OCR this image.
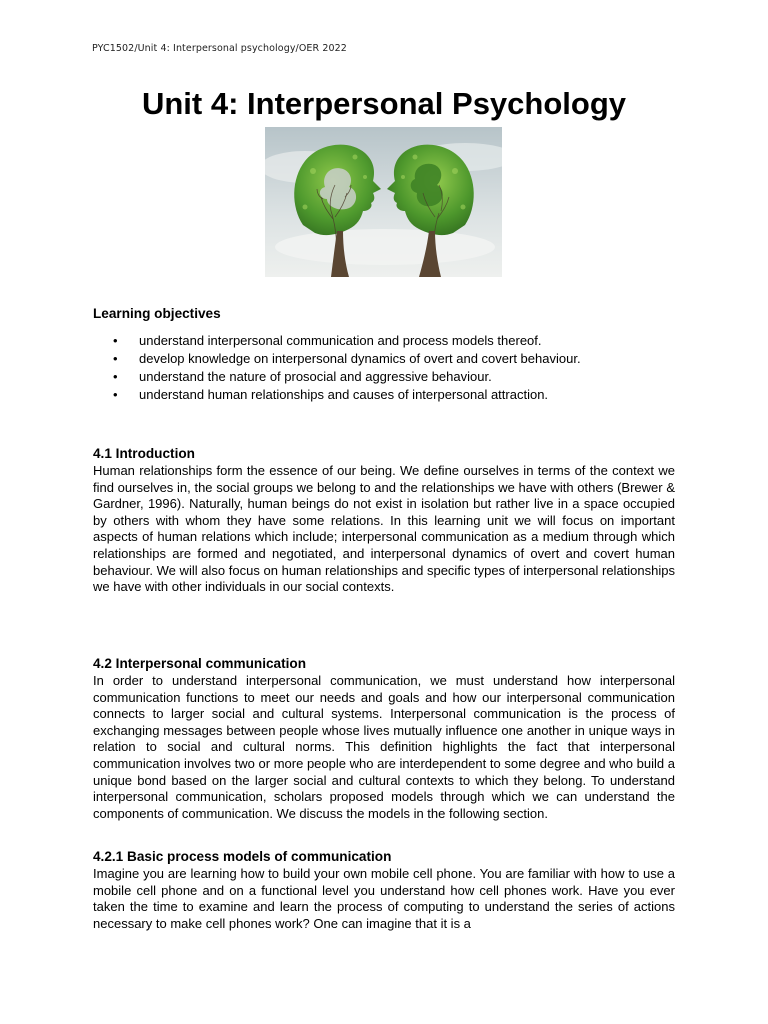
PYC1502/Unit 4: Interpersonal psychology/OER 2022
Unit 4: Interpersonal Psychology
Learning objectives
• understand interpersonal communication and process models thereof.
• develop knowledge on interpersonal dynamics of overt and covert behaviour.
• understand the nature of prosocial and aggressive behaviour.
• understand human relationships and causes of interpersonal attraction.
4.1 Introduction

Human relationships form the essence of our being. We define ourselves in terms of the context we find ourselves in, the social groups we belong to and the relationships we have with others (Brewer & Gardner, 1996). Naturally, human beings do not exist in isolation but rather live in a space occupied by others with whom they have some relations. In this learning unit we will focus on important aspects of human relations which include; interpersonal communication as a medium through which relationships are formed and negotiated, and interpersonal dynamics of overt and covert human behaviour. We will also focus on human relationships and specific types of interpersonal relationships we have with other individuals in our social contexts.

4.2 Interpersonal communication

In order to understand interpersonal communication, we must understand how interpersonal communication functions to meet our needs and goals and how our interpersonal communication connects to larger social and cultural systems. Interpersonal communication is the process of exchanging messages between people whose lives mutually influence one another in unique ways in relation to social and cultural norms. This definition highlights the fact that interpersonal communication involves two or more people who are interdependent to some degree and who build a unique bond based on the larger social and cultural contexts to which they belong. To understand interpersonal communication, scholars proposed models through which we can understand the components of communication. We discuss the models in the following section.

4.2.1 Basic process models of communication

Imagine you are learning how to build your own mobile cell phone. You are familiar with how to use a mobile cell phone and on a functional level you understand how cell phones work. Have you ever taken the time to examine and learn the process of computing to understand the series of actions necessary to make cell phones work? One can imagine that it is a
